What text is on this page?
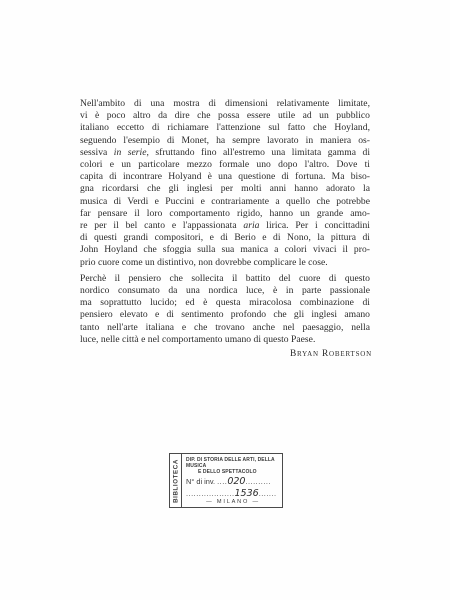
Nell'ambito di una mostra di dimensioni relativamente limitate,
vi è poco altro da dire che possa essere utile ad un pubblico
italiano eccetto di richiamare l'attenzione sul fatto che Hoyland,
seguendo l'esempio di Monet, ha sempre lavorato in maniera os-
sessiva in serie, sfruttando fino all'estremo una limitata gamma di
colori e un particolare mezzo formale uno dopo l'altro. Dove ti
capita di incontrare Holyand è una questione di fortuna. Ma biso-
gna ricordarsi che gli inglesi per molti anni hanno adorato la
musica di Verdi e Puccini e contrariamente a quello che potrebbe
far pensare il loro comportamento rigido, hanno un grande amo-
re per il bel canto e l'appassionata aria lirica. Per i concittadini
di questi grandi compositori, e di Berio e di Nono, la pittura di
John Hoyland che sfoggia sulla sua manica a colori vivaci il pro-
prio cuore come un distintivo, non dovrebbe complicare le cose.

Perchè il pensiero che sollecita il battito del cuore di questo
nordico consumato da una nordica luce, è in parte passionale
ma soprattutto lucido; ed è questa miracolosa combinazione di
pensiero elevato e di sentimento profondo che gli inglesi amano
tanto nell'arte italiana e che trovano anche nel paesaggio, nella
luce, nelle città e nel comportamento umano di questo Paese.

Bryan Robertson
BIBLIOTECA DIP. DI STORIA DELLE ARTI, DELLA MUSICA
E DELLO SPETTACOLO
N° di inv. ....020..........
...................1536.......
— MILANO —
